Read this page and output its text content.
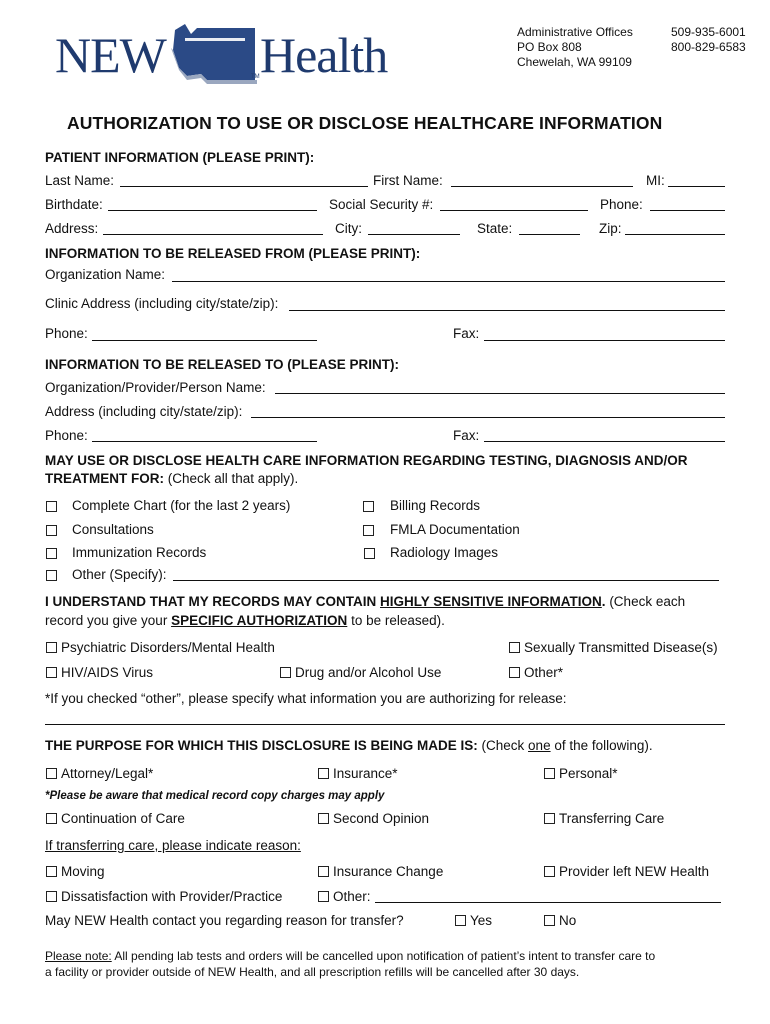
NEW Health
TM
Administrative Offices
PO Box 808
Chewelah, WA 99109
509-935-6001
800-829-6583
AUTHORIZATION TO USE OR DISCLOSE HEALTHCARE INFORMATION
PATIENT INFORMATION (PLEASE PRINT):
Last Name:	First Name:	MI:
Birthdate:	Social Security #:	Phone:
Address:	City:	State:	Zip:
INFORMATION TO BE RELEASED FROM (PLEASE PRINT):
Organization Name:
Clinic Address (including city/state/zip):
Phone:	Fax:
INFORMATION TO BE RELEASED TO (PLEASE PRINT):
Organization/Provider/Person Name:
Address (including city/state/zip):
Phone:	Fax:
MAY USE OR DISCLOSE HEALTH CARE INFORMATION REGARDING TESTING, DIAGNOSIS AND/OR
TREATMENT FOR: (Check all that apply).
Complete Chart (for the last 2 years)	Billing Records
Consultations	FMLA Documentation
Immunization Records	Radiology Images
Other (Specify):
I UNDERSTAND THAT MY RECORDS MAY CONTAIN HIGHLY SENSITIVE INFORMATION. (Check each
record you give your SPECIFIC AUTHORIZATION to be released).
Psychiatric Disorders/Mental Health	Sexually Transmitted Disease(s)
HIV/AIDS Virus	Drug and/or Alcohol Use	Other*
*If you checked “other”, please specify what information you are authorizing for release:
THE PURPOSE FOR WHICH THIS DISCLOSURE IS BEING MADE IS: (Check one of the following).
Attorney/Legal*	Insurance*	Personal*
*Please be aware that medical record copy charges may apply
Continuation of Care	Second Opinion	Transferring Care
If transferring care, please indicate reason:
Moving	Insurance Change	Provider left NEW Health
Dissatisfaction with Provider/Practice	Other:
May NEW Health contact you regarding reason for transfer?	Yes	No
Please note: All pending lab tests and orders will be cancelled upon notification of patient’s intent to transfer care to
a facility or provider outside of NEW Health, and all prescription refills will be cancelled after 30 days.
